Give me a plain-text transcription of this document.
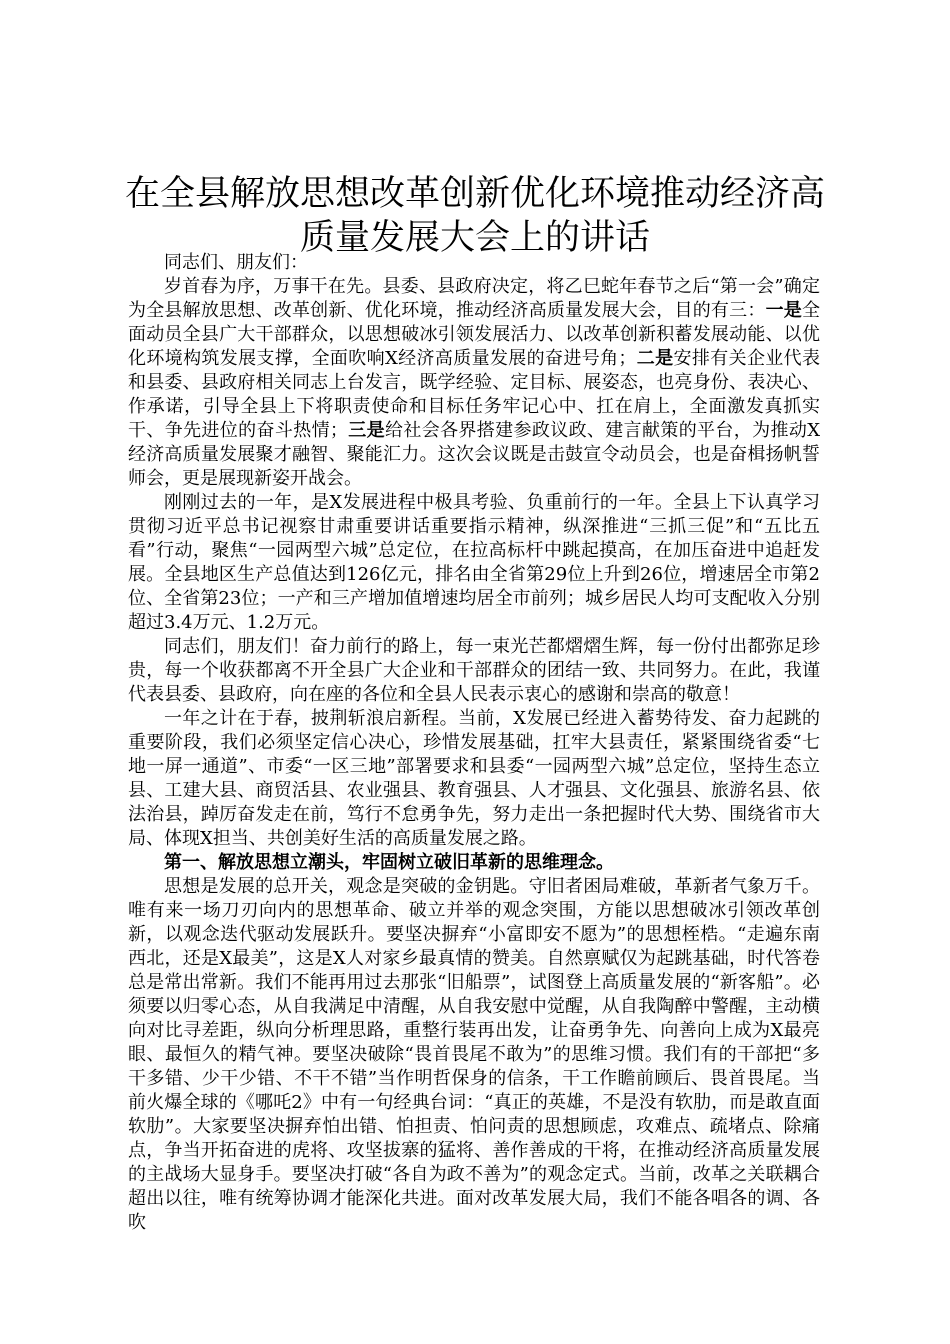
在全县解放思想改革创新优化环境推动经济高质量发展大会上的讲话

同志们、朋友们：

岁首春为序，万事干在先。县委、县政府决定，将乙巳蛇年春节之后“第一会”确定为全县解放思想、改革创新、优化环境，推动经济高质量发展大会，目的有三：一是全面动员全县广大干部群众，以思想破冰引领发展活力、以改革创新积蓄发展动能、以优化环境构筑发展支撑，全面吹响X经济高质量发展的奋进号角；二是安排有关企业代表和县委、县政府相关同志上台发言，既学经验、定目标、展姿态，也亮身份、表决心、作承诺，引导全县上下将职责使命和目标任务牢记心中、扛在肩上，全面激发真抓实干、争先进位的奋斗热情；三是给社会各界搭建参政议政、建言献策的平台，为推动X经济高质量发展聚才融智、聚能汇力。这次会议既是击鼓宣令动员会，也是奋楫扬帆誓师会，更是展现新姿开战会。

刚刚过去的一年，是X发展进程中极具考验、负重前行的一年。全县上下认真学习贯彻习近平总书记视察甘肃重要讲话重要指示精神，纵深推进“三抓三促”和“五比五看”行动，聚焦“一园两型六城”总定位，在拉高标杆中跳起摸高，在加压奋进中追赶发展。全县地区生产总值达到126亿元，排名由全省第29位上升到26位，增速居全市第2位、全省第23位；一产和三产增加值增速均居全市前列；城乡居民人均可支配收入分别超过3.4万元、1.2万元。

同志们，朋友们！奋力前行的路上，每一束光芒都熠熠生辉，每一份付出都弥足珍贵，每一个收获都离不开全县广大企业和干部群众的团结一致、共同努力。在此，我谨代表县委、县政府，向在座的各位和全县人民表示衷心的感谢和崇高的敬意！

一年之计在于春，披荆斩浪启新程。当前，X发展已经进入蓄势待发、奋力起跳的重要阶段，我们必须坚定信心决心，珍惜发展基础，扛牢大县责任，紧紧围绕省委“七地一屏一通道”、市委“一区三地”部署要求和县委“一园两型六城”总定位，坚持生态立县、工建大县、商贸活县、农业强县、教育强县、人才强县、文化强县、旅游名县、依法治县，踔厉奋发走在前，笃行不怠勇争先，努力走出一条把握时代大势、围绕省市大局、体现X担当、共创美好生活的高质量发展之路。

第一、解放思想立潮头，牢固树立破旧革新的思维理念。

思想是发展的总开关，观念是突破的金钥匙。守旧者困局难破，革新者气象万千。唯有来一场刀刃向内的思想革命、破立并举的观念突围，方能以思想破冰引领改革创新，以观念迭代驱动发展跃升。要坚决摒弃“小富即安不愿为”的思想桎梏。“走遍东南西北，还是X最美”，这是X人对家乡最真情的赞美。自然禀赋仅为起跳基础，时代答卷总是常出常新。我们不能再用过去那张“旧船票”，试图登上高质量发展的“新客船”。必须要以归零心态，从自我满足中清醒，从自我安慰中觉醒，从自我陶醉中警醒，主动横向对比寻差距，纵向分析理思路，重整行装再出发，让奋勇争先、向善向上成为X最亮眼、最恒久的精气神。要坚决破除“畏首畏尾不敢为”的思维习惯。我们有的干部把“多干多错、少干少错、不干不错”当作明哲保身的信条，干工作瞻前顾后、畏首畏尾。当前火爆全球的《哪吒2》中有一句经典台词：“真正的英雄，不是没有软肋，而是敢直面软肋”。大家要坚决摒弃怕出错、怕担责、怕问责的思想顾虑，攻难点、疏堵点、除痛点，争当开拓奋进的虎将、攻坚拔寨的猛将、善作善成的干将，在推动经济高质量发展的主战场大显身手。要坚决打破“各自为政不善为”的观念定式。当前，改革之关联耦合超出以往，唯有统筹协调才能深化共进。面对改革发展大局，我们不能各唱各的调、各吹
